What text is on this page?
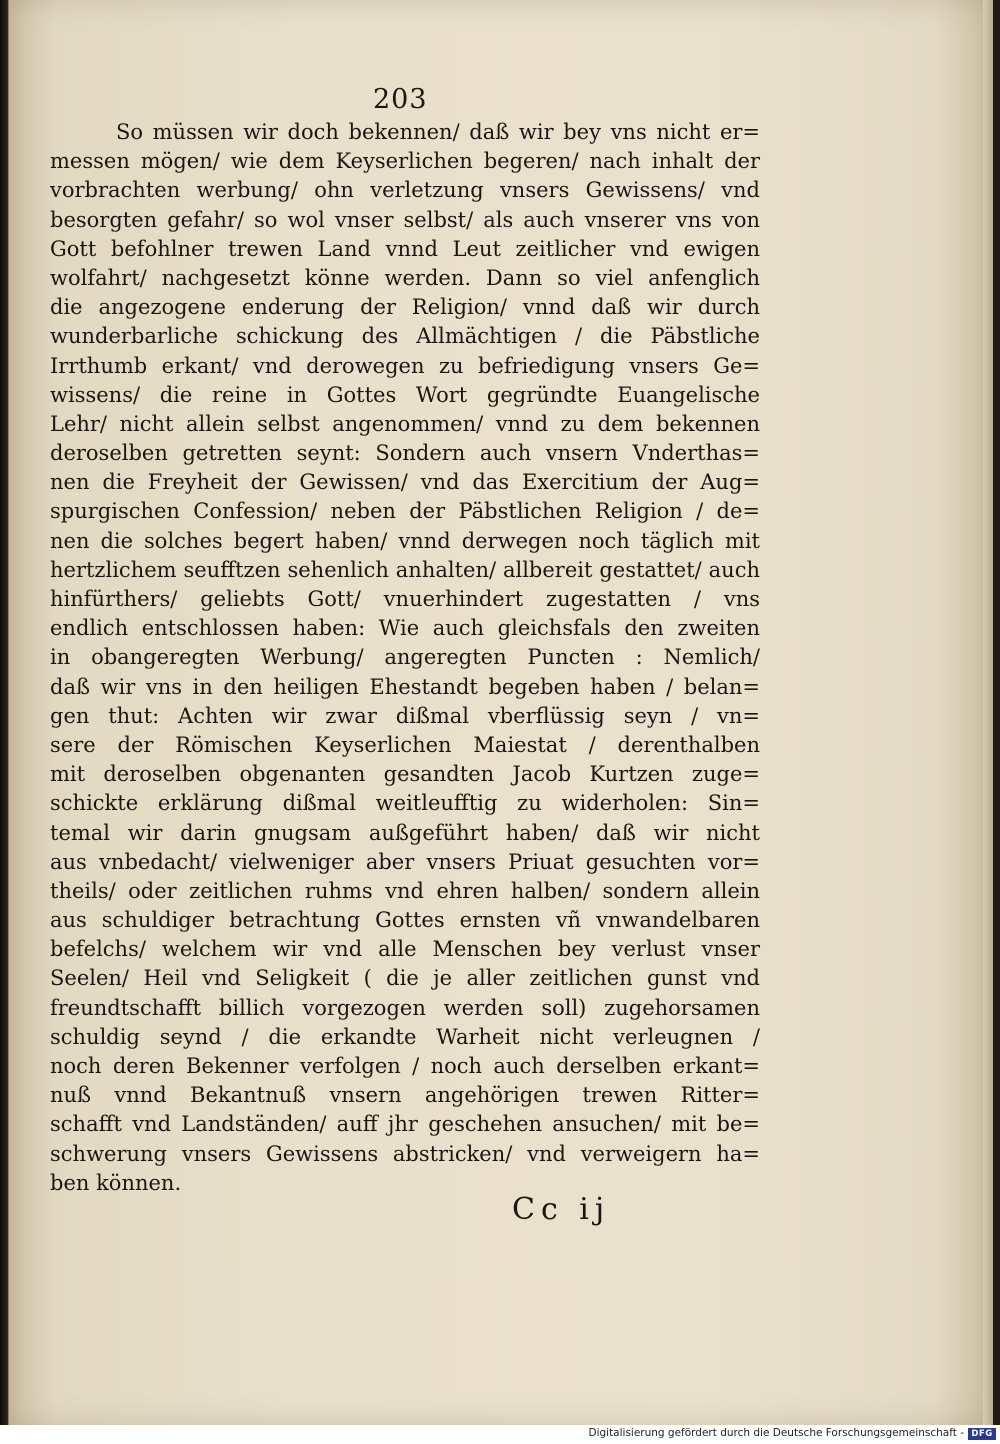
203
So müssen wir doch bekennen/ daß wir bey vns nicht er=
messen mögen/ wie dem Keyserlichen begeren/ nach inhalt der
vorbrachten werbung/ ohn verletzung vnsers Gewissens/ vnd
besorgten gefahr/ so wol vnser selbst/ als auch vnserer vns von
Gott befohlner trewen Land vnnd Leut zeitlicher vnd ewigen
wolfahrt/ nachgesetzt könne werden. Dann so viel anfenglich
die angezogene enderung der Religion/ vnnd daß wir durch
wunderbarliche schickung des Allmächtigen / die Päbstliche
Irrthumb erkant/ vnd derowegen zu befriedigung vnsers Ge=
wissens/ die reine in Gottes Wort gegründte Euangelische
Lehr/ nicht allein selbst angenommen/ vnnd zu dem bekennen
deroselben getretten seynt: Sondern auch vnsern Vnderthas=
nen die Freyheit der Gewissen/ vnd das Exercitium der Aug=
spurgischen Confession/ neben der Päbstlichen Religion / de=
nen die solches begert haben/ vnnd derwegen noch täglich mit
hertzlichem seufftzen sehenlich anhalten/ allbereit gestattet/ auch
hinfürthers/ geliebts Gott/ vnuerhindert zugestatten / vns
endlich entschlossen haben: Wie auch gleichsfals den zweiten
in obangeregten Werbung/ angeregten Puncten : Nemlich/
daß wir vns in den heiligen Ehestandt begeben haben / belan=
gen thut: Achten wir zwar dißmal vberflüssig seyn / vn=
sere der Römischen Keyserlichen Maiestat / derenthalben
mit deroselben obgenanten gesandten Jacob Kurtzen zuge=
schickte erklärung dißmal weitleufftig zu widerholen: Sin=
temal wir darin gnugsam außgeführt haben/ daß wir nicht
aus vnbedacht/ vielweniger aber vnsers Priuat gesuchten vor=
theils/ oder zeitlichen ruhms vnd ehren halben/ sondern allein
aus schuldiger betrachtung Gottes ernsten vñ vnwandelbaren
befelchs/ welchem wir vnd alle Menschen bey verlust vnser
Seelen/ Heil vnd Seligkeit ( die je aller zeitlichen gunst vnd
freundtschafft billich vorgezogen werden soll) zugehorsamen
schuldig seynd / die erkandte Warheit nicht verleugnen /
noch deren Bekenner verfolgen / noch auch derselben erkant=
nuß vnnd Bekantnuß vnsern angehörigen trewen Ritter=
schafft vnd Landständen/ auff jhr geschehen ansuchen/ mit be=
schwerung vnsers Gewissens abstricken/ vnd verweigern ha=
ben können.
Cc ij
Digitalisierung gefördert durch die Deutsche Forschungsgemeinschaft - DFG
